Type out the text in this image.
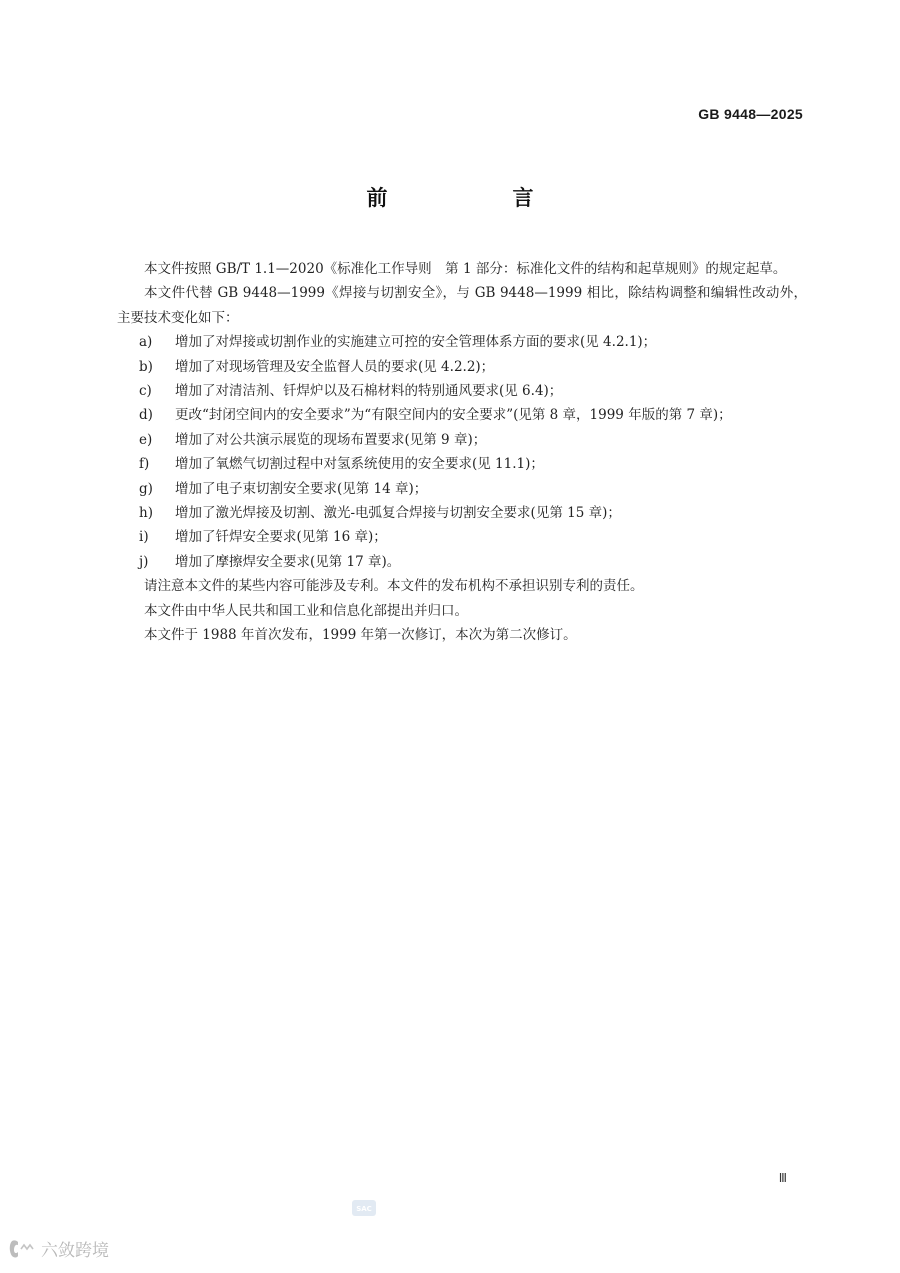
GB 9448—2025
前　言

本文件按照 GB/T 1.1—2020《标准化工作导则　第 1 部分：标准化文件的结构和起草规则》的规定起草。

本文件代替 GB 9448—1999《焊接与切割安全》，与 GB 9448—1999 相比，除结构调整和编辑性改动外，主要技术变化如下：

a)	增加了对焊接或切割作业的实施建立可控的安全管理体系方面的要求(见 4.2.1)；
b)	增加了对现场管理及安全监督人员的要求(见 4.2.2)；
c)	增加了对清洁剂、钎焊炉以及石棉材料的特别通风要求(见 6.4)；
d)	更改“封闭空间内的安全要求”为“有限空间内的安全要求”(见第 8 章，1999 年版的第 7 章)；
e)	增加了对公共演示展览的现场布置要求(见第 9 章)；
f)	增加了氧燃气切割过程中对氢系统使用的安全要求(见 11.1)；
g)	增加了电子束切割安全要求(见第 14 章)；
h)	增加了激光焊接及切割、激光-电弧复合焊接与切割安全要求(见第 15 章)；
i)	增加了钎焊安全要求(见第 16 章)；
j)	增加了摩擦焊安全要求(见第 17 章)。

请注意本文件的某些内容可能涉及专利。本文件的发布机构不承担识别专利的责任。

本文件由中华人民共和国工业和信息化部提出并归口。

本文件于 1988 年首次发布，1999 年第一次修订，本次为第二次修订。

Ⅲ
SAC
六敛跨境
